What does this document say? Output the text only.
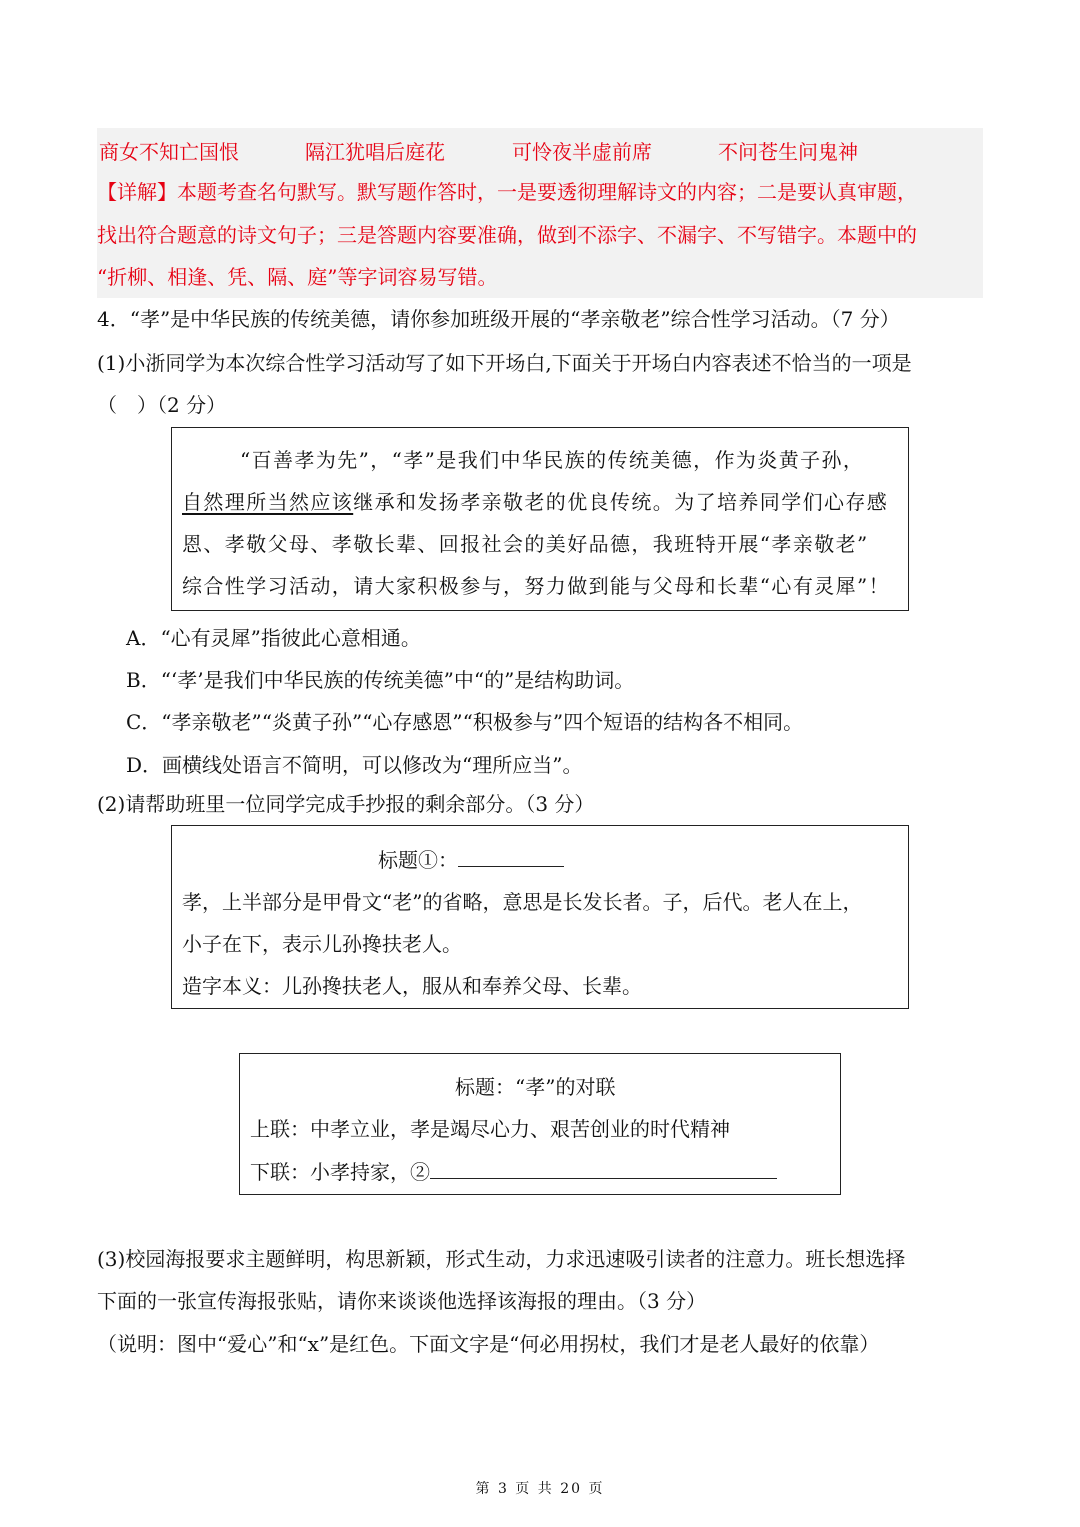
商女不知亡国恨	隔江犹唱后庭花	可怜夜半虚前席	不问苍生问鬼神
【详解】本题考查名句默写。默写题作答时，一是要透彻理解诗文的内容；二是要认真审题，
找出符合题意的诗文句子；三是答题内容要准确，做到不添字、不漏字、不写错字。本题中的
“折柳、相逢、凭、隔、庭”等字词容易写错。
4．“孝”是中华民族的传统美德，请你参加班级开展的“孝亲敬老”综合性学习活动。（7 分）
(1)小浙同学为本次综合性学习活动写了如下开场白,下面关于开场白内容表述不恰当的一项是
（　）（2 分）
“百善孝为先”，“孝”是我们中华民族的传统美德，作为炎黄子孙，
自然理所当然应该继承和发扬孝亲敬老的优良传统。为了培养同学们心存感
恩、孝敬父母、孝敬长辈、回报社会的美好品德，我班特开展“孝亲敬老”
综合性学习活动，请大家积极参与，努力做到能与父母和长辈“心有灵犀”！
A．“心有灵犀”指彼此心意相通。
B．“‘孝’是我们中华民族的传统美德”中“的”是结构助词。
C．“孝亲敬老”“炎黄子孙”“心存感恩”“积极参与”四个短语的结构各不相同。
D．画横线处语言不简明，可以修改为“理所应当”。
(2)请帮助班里一位同学完成手抄报的剩余部分。（3 分）
标题①：
孝，上半部分是甲骨文“老”的省略，意思是长发长者。子，后代。老人在上，
小子在下，表示儿孙搀扶老人。
造字本义：儿孙搀扶老人，服从和奉养父母、长辈。
标题：“孝”的对联
上联：中孝立业，孝是竭尽心力、艰苦创业的时代精神
下联：小孝持家，②
(3)校园海报要求主题鲜明，构思新颖，形式生动，力求迅速吸引读者的注意力。班长想选择
下面的一张宣传海报张贴，请你来谈谈他选择该海报的理由。（3 分）
（说明：图中“爱心”和“x”是红色。下面文字是“何必用拐杖，我们才是老人最好的依靠）
第 3 页 共 20 页
